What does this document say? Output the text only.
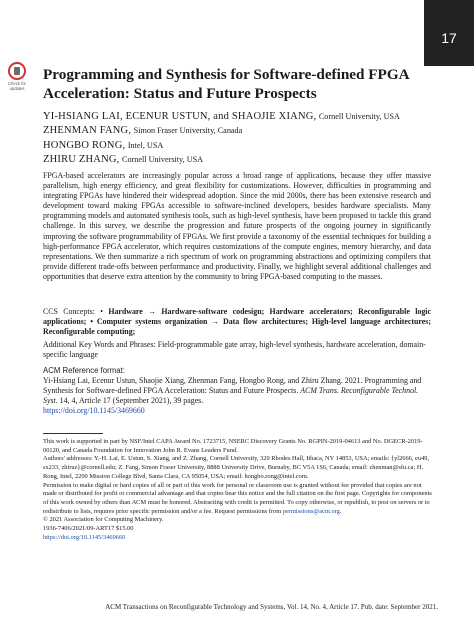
17
Check for updates
Programming and Synthesis for Software-defined FPGA Acceleration: Status and Future Prospects
YI-HSIANG LAI, ECENUR USTUN, and SHAOJIE XIANG, Cornell University, USA
ZHENMAN FANG, Simon Fraser University, Canada
HONGBO RONG, Intel, USA
ZHIRU ZHANG, Cornell University, USA

FPGA-based accelerators are increasingly popular across a broad range of applications, because they offer massive parallelism, high energy efficiency, and great flexibility for customizations. However, difficulties in programming and integrating FPGAs have hindered their widespread adoption. Since the mid 2000s, there has been extensive research and development toward making FPGAs accessible to software-inclined developers, besides hardware specialists. Many programming models and automated synthesis tools, such as high-level synthesis, have been proposed to tackle this grand challenge. In this survey, we describe the progression and future prospects of the ongoing journey in significantly improving the software programmability of FPGAs. We first provide a taxonomy of the essential techniques for building a high-performance FPGA accelerator, which requires customizations of the compute engines, memory hierarchy, and data representations. We then summarize a rich spectrum of work on programming abstractions and optimizing compilers that provide different trade-offs between performance and productivity. Finally, we highlight several additional challenges and opportunities that deserve extra attention by the community to bring FPGA-based computing to the masses.

CCS Concepts: • Hardware → Hardware-software codesign; Hardware accelerators; Reconfigurable logic applications; • Computer systems organization → Data flow architectures; High-level language architectures; Reconfigurable computing;

Additional Key Words and Phrases: Field-programmable gate array, high-level synthesis, hardware acceleration, domain-specific language

ACM Reference format:

Yi-Hsiang Lai, Ecenur Ustun, Shaojie Xiang, Zhenman Fang, Hongbo Rong, and Zhiru Zhang. 2021. Programming and Synthesis for Software-defined FPGA Acceleration: Status and Future Prospects. ACM Trans. Reconfigurable Technol. Syst. 14, 4, Article 17 (September 2021), 39 pages.
https://doi.org/10.1145/3469660

This work is supported in part by NSF/Intel CAPA Award No. 1723715, NSERC Discovery Grants No. RGPIN-2019-04613 and No. DGECR-2019-00120, and Canada Foundation for Innovation John R. Evans Leaders Fund.

Authors' addresses: Y.-H. Lai, E. Ustun, S. Xiang, and Z. Zhang, Cornell University, 320 Rhodes Hall, Ithaca, NY 14853, USA; emails: {yl2666, eu49, sx233, zhiruz}@cornell.edu; Z. Fang, Simon Fraser University, 8888 University Drive, Burnaby, BC V5A 1S6, Canada; email: zhenman@sfu.ca; H. Rong, Intel, 2200 Mission College Blvd, Santa Clara, CA 95054, USA; email: hongbo.rong@intel.com.

Permission to make digital or hard copies of all or part of this work for personal or classroom use is granted without fee provided that copies are not made or distributed for profit or commercial advantage and that copies bear this notice and the full citation on the first page. Copyrights for components of this work owned by others than ACM must be honored. Abstracting with credit is permitted. To copy otherwise, or republish, to post on servers or to redistribute to lists, requires prior specific permission and/or a fee. Request permissions from permissions@acm.org.

© 2021 Association for Computing Machinery.

1936-7406/2021/09-ART17 $15.00

https://doi.org/10.1145/3469660

ACM Transactions on Reconfigurable Technology and Systems, Vol. 14, No. 4, Article 17. Pub. date: September 2021.
